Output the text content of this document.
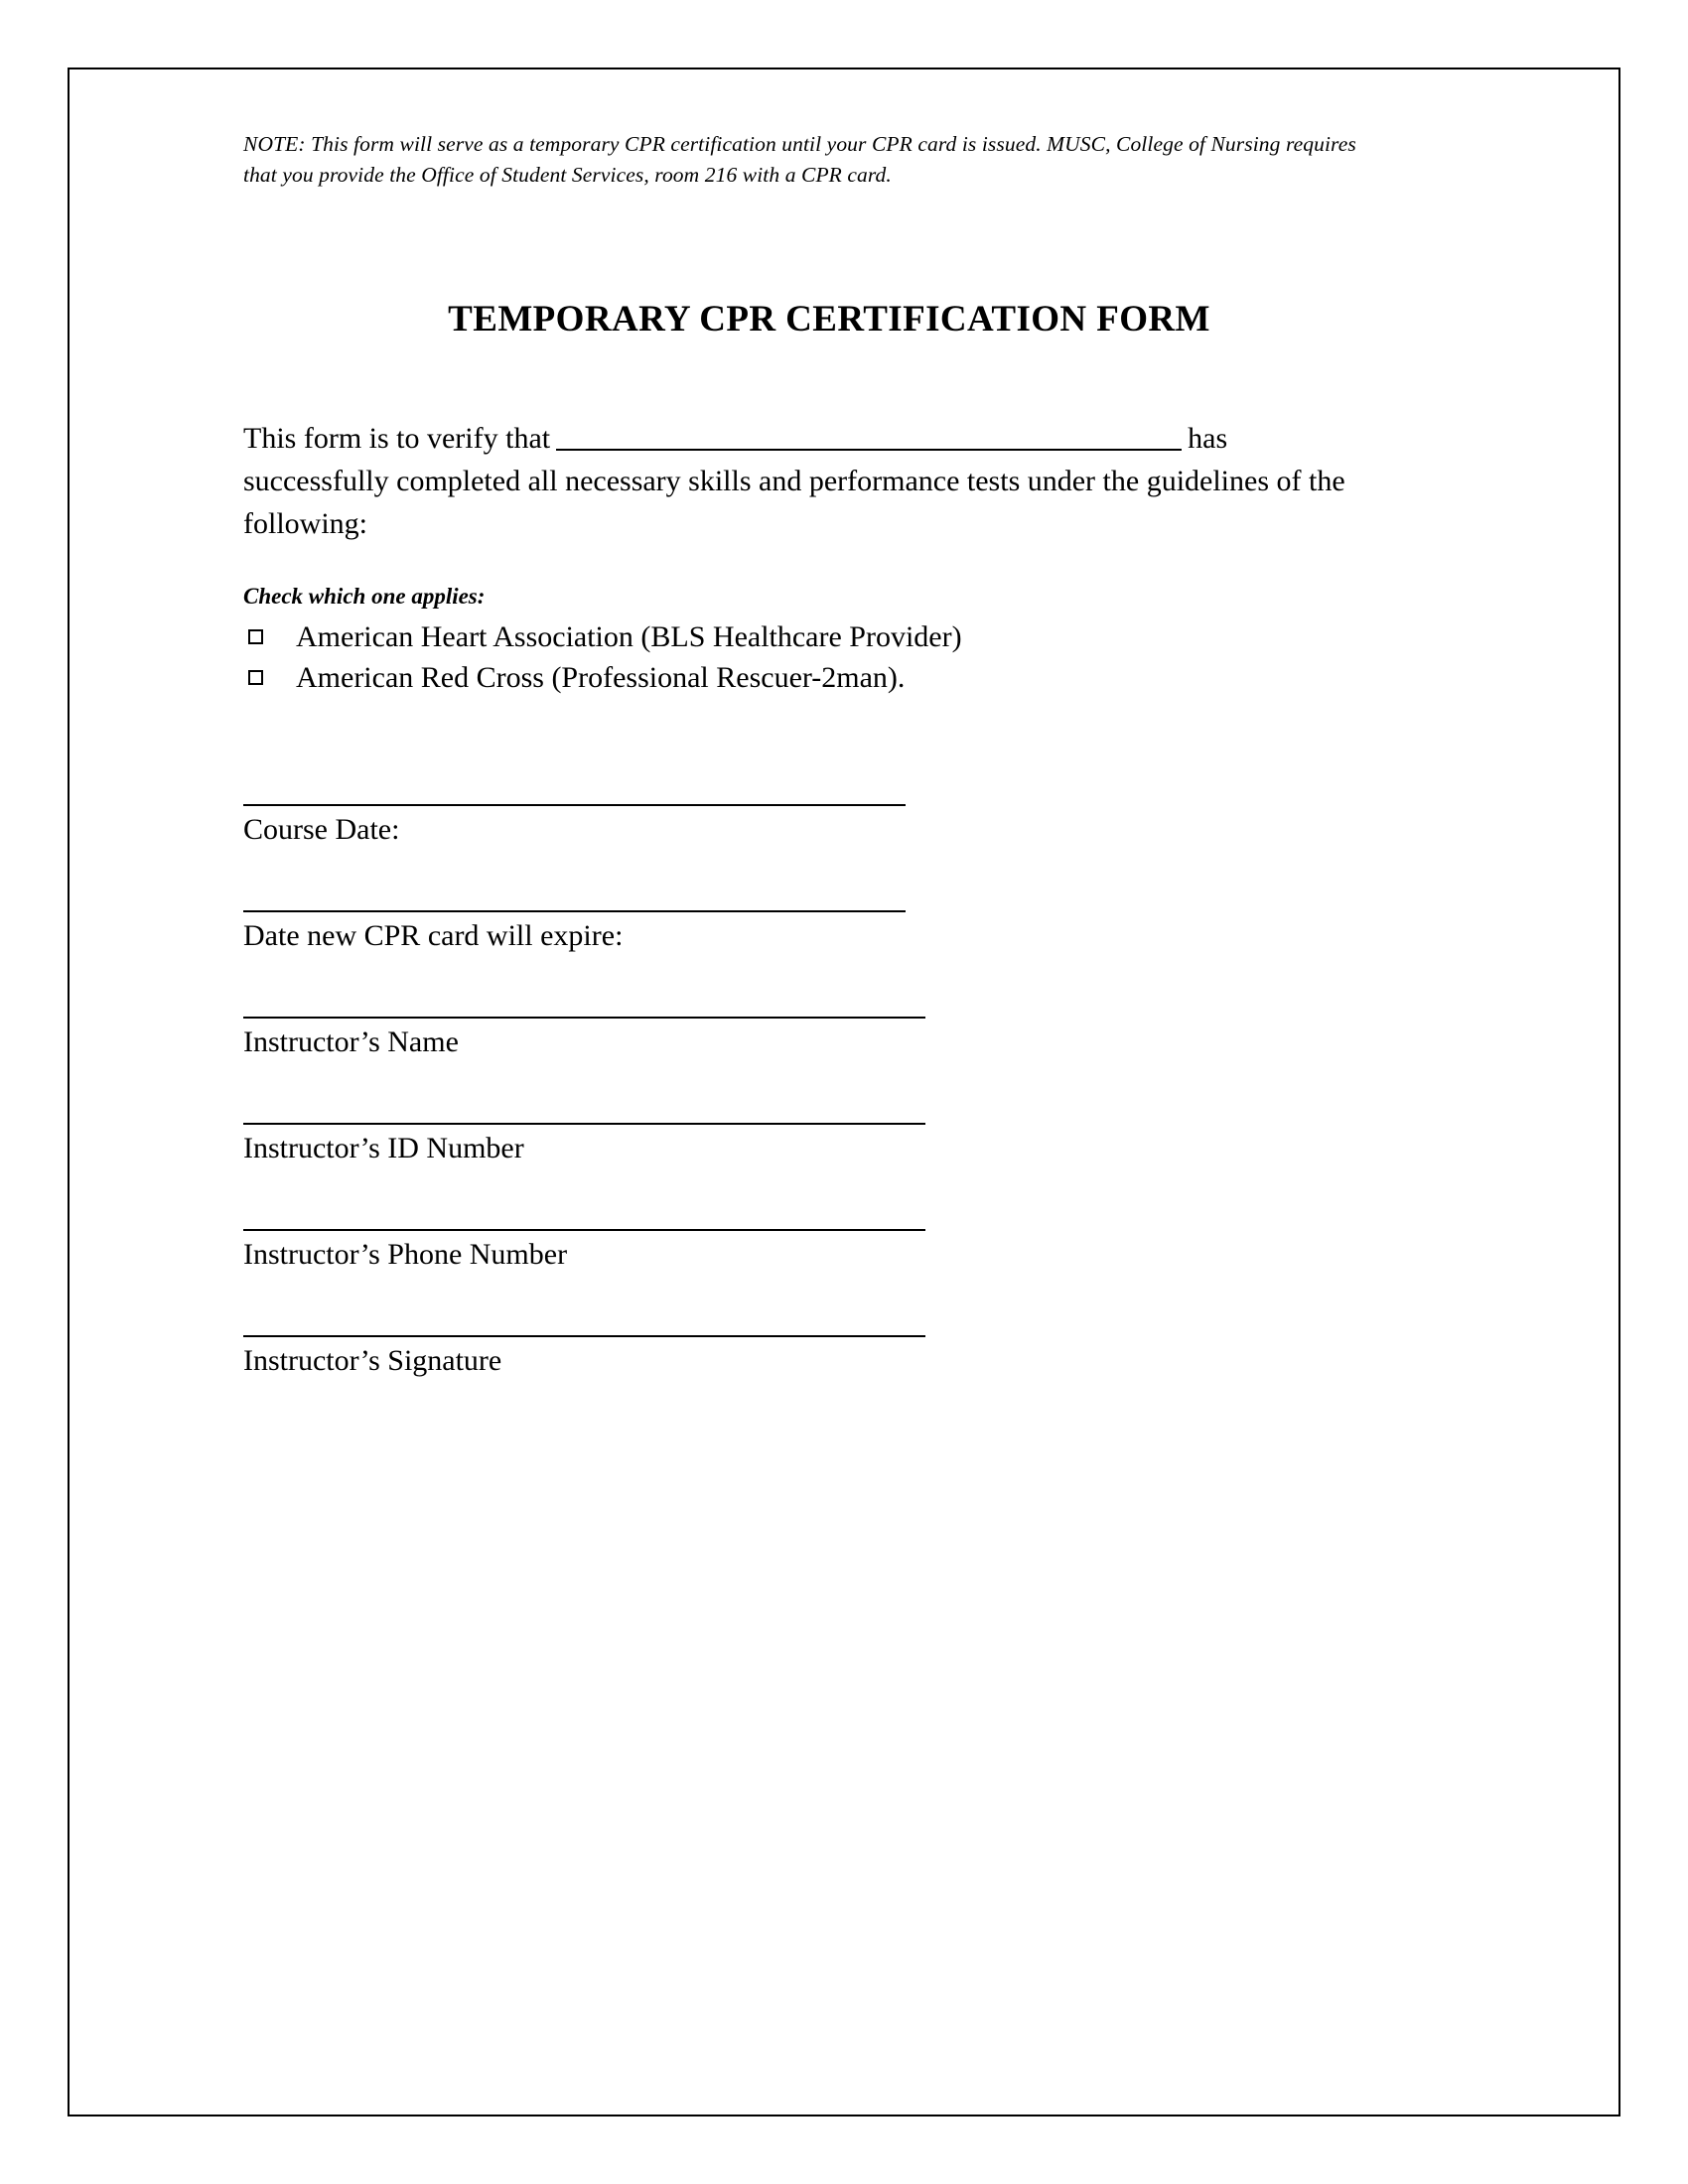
NOTE: This form will serve as a temporary CPR certification until your CPR card is issued. MUSC, College of Nursing requires that you provide the Office of Student Services, room 216 with a CPR card.
TEMPORARY CPR CERTIFICATION FORM
This form is to verify that	has successfully completed all necessary skills and performance tests under the guidelines of the following:
Check which one applies:
American Heart Association (BLS Healthcare Provider)
American Red Cross (Professional Rescuer-2man).
Course Date:
Date new CPR card will expire:
Instructor’s Name
Instructor’s ID Number
Instructor’s Phone Number
Instructor’s Signature
